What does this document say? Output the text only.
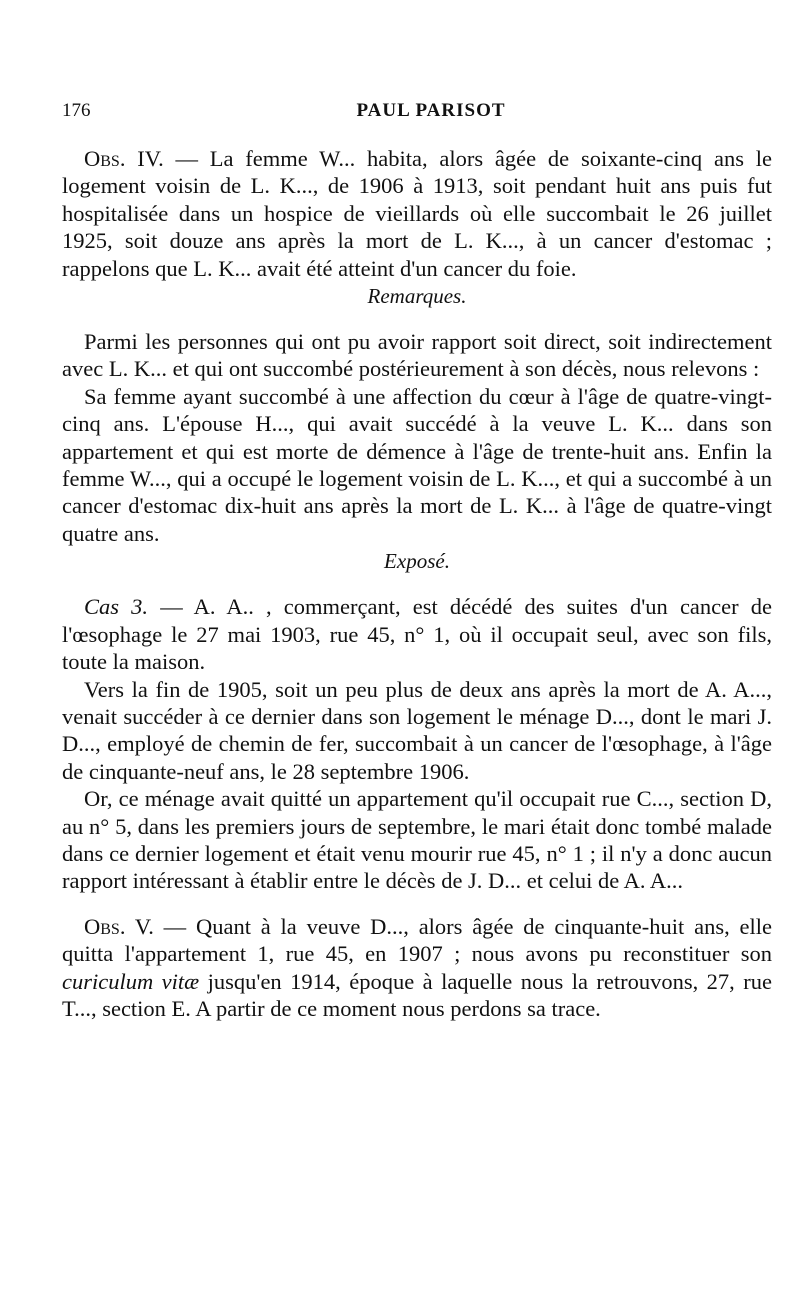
176	PAUL PARISOT

Obs. IV. — La femme W... habita, alors âgée de soixante-cinq ans le logement voisin de L. K..., de 1906 à 1913, soit pendant huit ans puis fut hospitalisée dans un hospice de vieillards où elle succombait le 26 juillet 1925, soit douze ans après la mort de L. K..., à un cancer d'estomac ; rappelons que L. K... avait été atteint d'un cancer du foie.

Remarques.

Parmi les personnes qui ont pu avoir rapport soit direct, soit indirectement avec L. K... et qui ont succombé postérieurement à son décès, nous relevons :

Sa femme ayant succombé à une affection du cœur à l'âge de quatre-vingt-cinq ans. L'épouse H..., qui avait succédé à la veuve L. K... dans son appartement et qui est morte de démence à l'âge de trente-huit ans. Enfin la femme W..., qui a occupé le logement voisin de L. K..., et qui a succombé à un cancer d'estomac dix-huit ans après la mort de L. K... à l'âge de quatre-vingt quatre ans.

Exposé.

Cas 3. — A. A.. , commerçant, est décédé des suites d'un cancer de l'œsophage le 27 mai 1903, rue 45, n° 1, où il occupait seul, avec son fils, toute la maison.

Vers la fin de 1905, soit un peu plus de deux ans après la mort de A. A..., venait succéder à ce dernier dans son logement le ménage D..., dont le mari J. D..., employé de chemin de fer, succombait à un cancer de l'œsophage, à l'âge de cinquante-neuf ans, le 28 septembre 1906.

Or, ce ménage avait quitté un appartement qu'il occupait rue C..., section D, au n° 5, dans les premiers jours de septembre, le mari était donc tombé malade dans ce dernier logement et était venu mourir rue 45, n° 1 ; il n'y a donc aucun rapport intéressant à établir entre le décès de J. D... et celui de A. A...

Obs. V. — Quant à la veuve D..., alors âgée de cinquante-huit ans, elle quitta l'appartement 1, rue 45, en 1907 ; nous avons pu reconstituer son curiculum vitæ jusqu'en 1914, époque à laquelle nous la retrouvons, 27, rue T..., section E. A partir de ce moment nous perdons sa trace.
